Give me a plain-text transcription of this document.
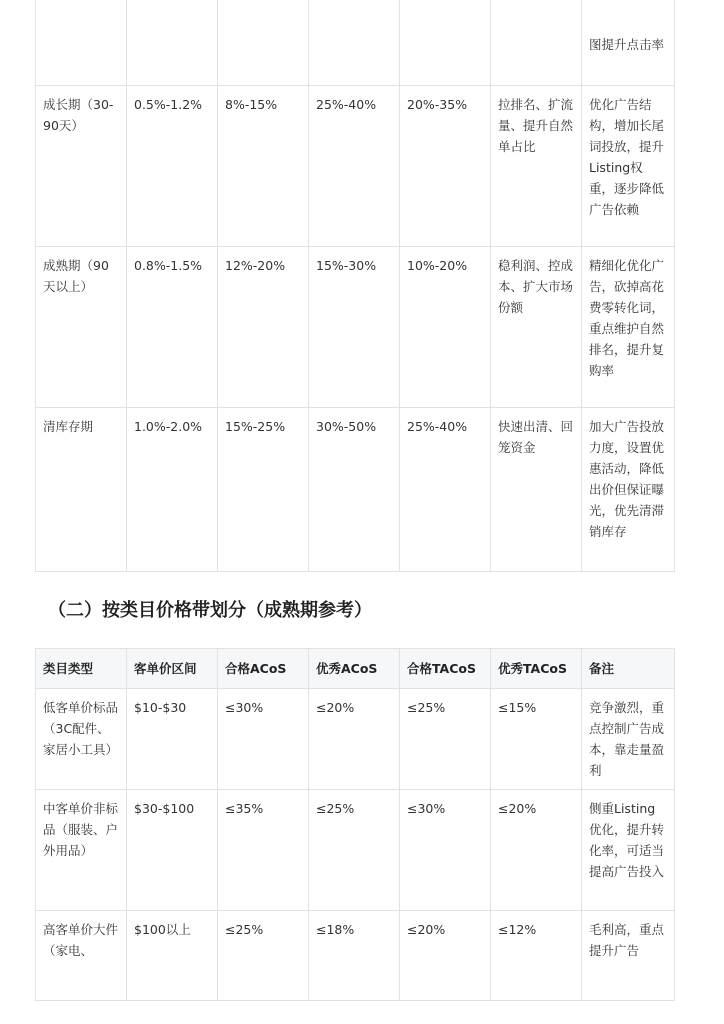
						图提升点击率
成长期（30-90天）	0.5%-1.2%	8%-15%	25%-40%	20%-35%	拉排名、扩流量、提升自然单占比	优化广告结构，增加长尾词投放，提升Listing权重，逐步降低广告依赖
成熟期（90天以上）	0.8%-1.5%	12%-20%	15%-30%	10%-20%	稳利润、控成本、扩大市场份额	精细化优化广告，砍掉高花费零转化词，重点维护自然排名，提升复购率
清库存期	1.0%-2.0%	15%-25%	30%-50%	25%-40%	快速出清、回笼资金	加大广告投放力度，设置优惠活动，降低出价但保证曝光，优先清滞销库存
（二）按类目价格带划分（成熟期参考）
类目类型	客单价区间	合格ACoS	优秀ACoS	合格TACoS	优秀TACoS	备注
低客单价标品（3C配件、家居小工具）	$10-$30	≤30%	≤20%	≤25%	≤15%	竞争激烈，重点控制广告成本，靠走量盈利
中客单价非标品（服装、户外用品）	$30-$100	≤35%	≤25%	≤30%	≤20%	侧重Listing优化，提升转化率，可适当提高广告投入
高客单价大件（家电、	$100以上	≤25%	≤18%	≤20%	≤12%	毛利高，重点提升广告
